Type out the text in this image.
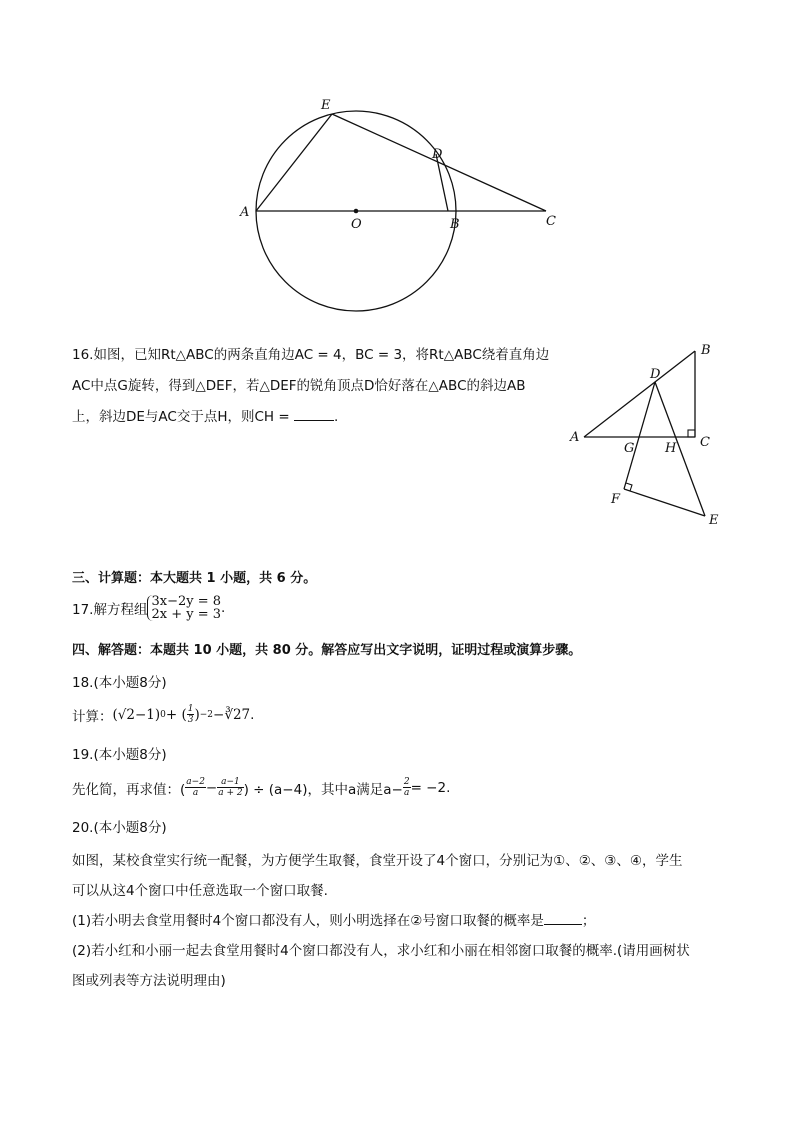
E
D
A
O	B	C
16.如图，已知Rt△ABC的两条直角边AC = 4，BC = 3，将Rt△ABC绕着直角边
AC中点G旋转，得到△DEF，若△DEF的锐角顶点D恰好落在△ABC的斜边AB
上，斜边DE与AC交于点H，则CH =	.
B
D
A
G H C
F
E
三、计算题：本大题共 1 小题，共 6 分。
17.解方程组
3x−2y = 8
2x + y = 3 .
四、解答题：本题共 10 小题，共 80 分。解答应写出文字说明，证明过程或演算步骤。
18.(本小题8分)
计算： (√2−1) 0 + ( $\frac{1}{3}$ ) −2 −∛27 .
19.(本小题8分)
先化简，再求值：( $\frac{a-2}{a} - \frac{a-1}{a + 2}$ ) ÷ (a−4)，其中a满足$a- \frac{2}{a} = -2$.
20.(本小题8分)
如图，某校食堂实行统一配餐，为方便学生取餐，食堂开设了4个窗口，分别记为①、②、③、④，学生
可以从这4个窗口中任意选取一个窗口取餐.
(1)若小明去食堂用餐时4个窗口都没有人，则小明选择在②号窗口取餐的概率是	；
(2)若小红和小丽一起去食堂用餐时4个窗口都没有人，求小红和小丽在相邻窗口取餐的概率.(请用画树状
图或列表等方法说明理由)
